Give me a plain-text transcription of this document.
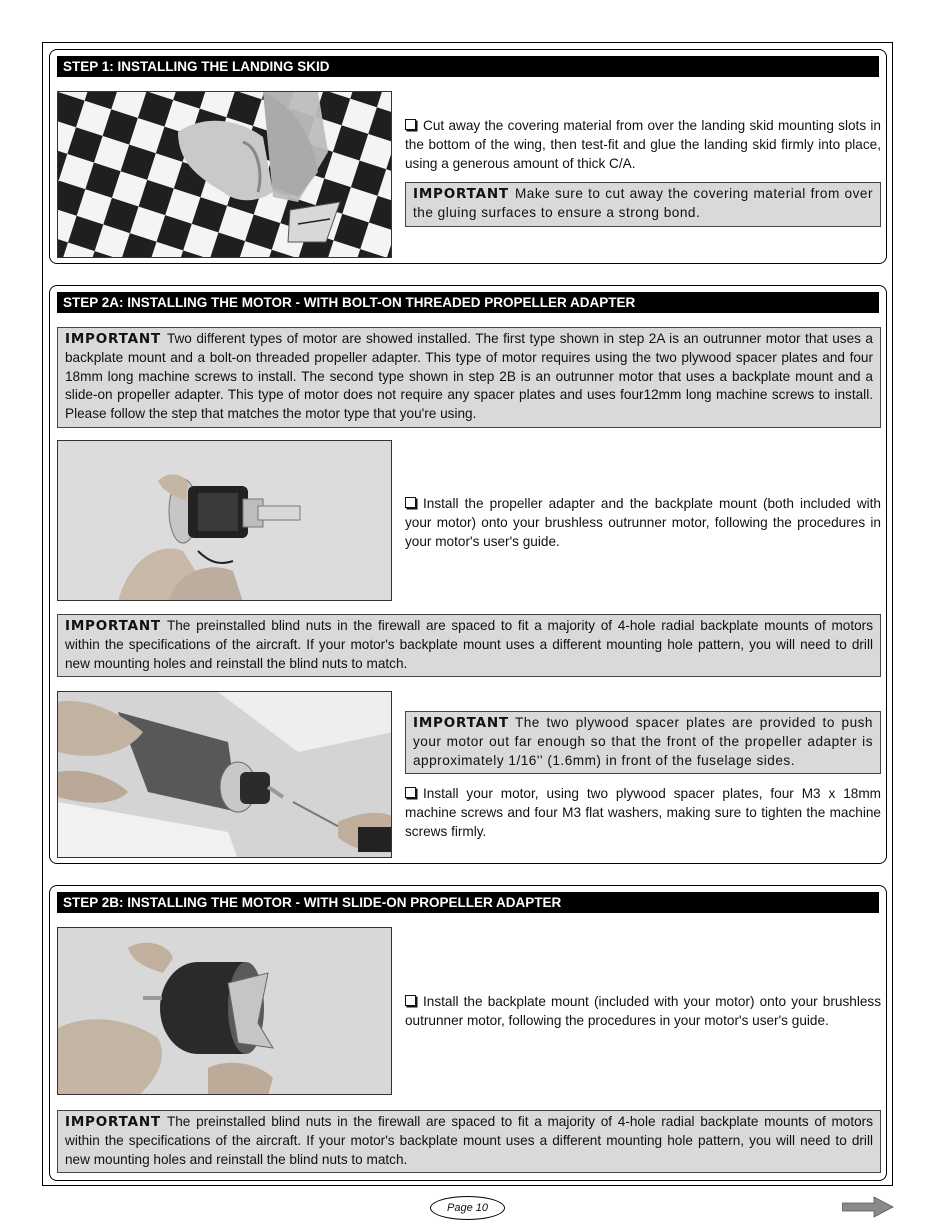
STEP 1: INSTALLING THE LANDING SKID
Cut away the covering material from over the landing skid mounting slots in the bottom of the wing, then test-fit and glue the landing skid firmly into place, using a generous amount of thick C/A.
IMPORTANT Make sure to cut away the covering material from over the gluing surfaces to ensure a strong bond.
STEP 2A: INSTALLING THE MOTOR - WITH BOLT-ON THREADED PROPELLER ADAPTER
IMPORTANT Two different types of motor are showed installed. The first type shown in step 2A is an outrunner motor that uses a backplate mount and a bolt-on threaded propeller adapter. This type of motor requires using the two plywood spacer plates and four 18mm long machine screws to install. The second type shown in step 2B is an outrunner motor that uses a backplate mount and a slide-on propeller adapter. This type of motor does not require any spacer plates and uses four12mm long machine screws to install. Please follow the step that matches the motor type that you're using.
Install the propeller adapter and the backplate mount (both included with your motor) onto your brushless outrunner motor, following the procedures in your motor's user's guide.
IMPORTANT The preinstalled blind nuts in the firewall are spaced to fit a majority of 4-hole radial backplate mounts of motors within the specifications of the aircraft. If your motor's backplate mount uses a different mounting hole pattern, you will need to drill new mounting holes and reinstall the blind nuts to match.
IMPORTANT The two plywood spacer plates are provided to push your motor out far enough so that the front of the propeller adapter is approximately 1/16'' (1.6mm) in front of the fuselage sides.
Install your motor, using two plywood spacer plates, four M3 x 18mm machine screws and four M3 flat washers, making sure to tighten the machine screws firmly.
STEP 2B: INSTALLING THE MOTOR - WITH SLIDE-ON PROPELLER ADAPTER
Install the backplate mount (included with your motor) onto your brushless outrunner motor, following the procedures in your motor's user's guide.
IMPORTANT The preinstalled blind nuts in the firewall are spaced to fit a majority of 4-hole radial backplate mounts of motors within the specifications of the aircraft. If your motor's backplate mount uses a different mounting hole pattern, you will need to drill new mounting holes and reinstall the blind nuts to match.
Page 10
